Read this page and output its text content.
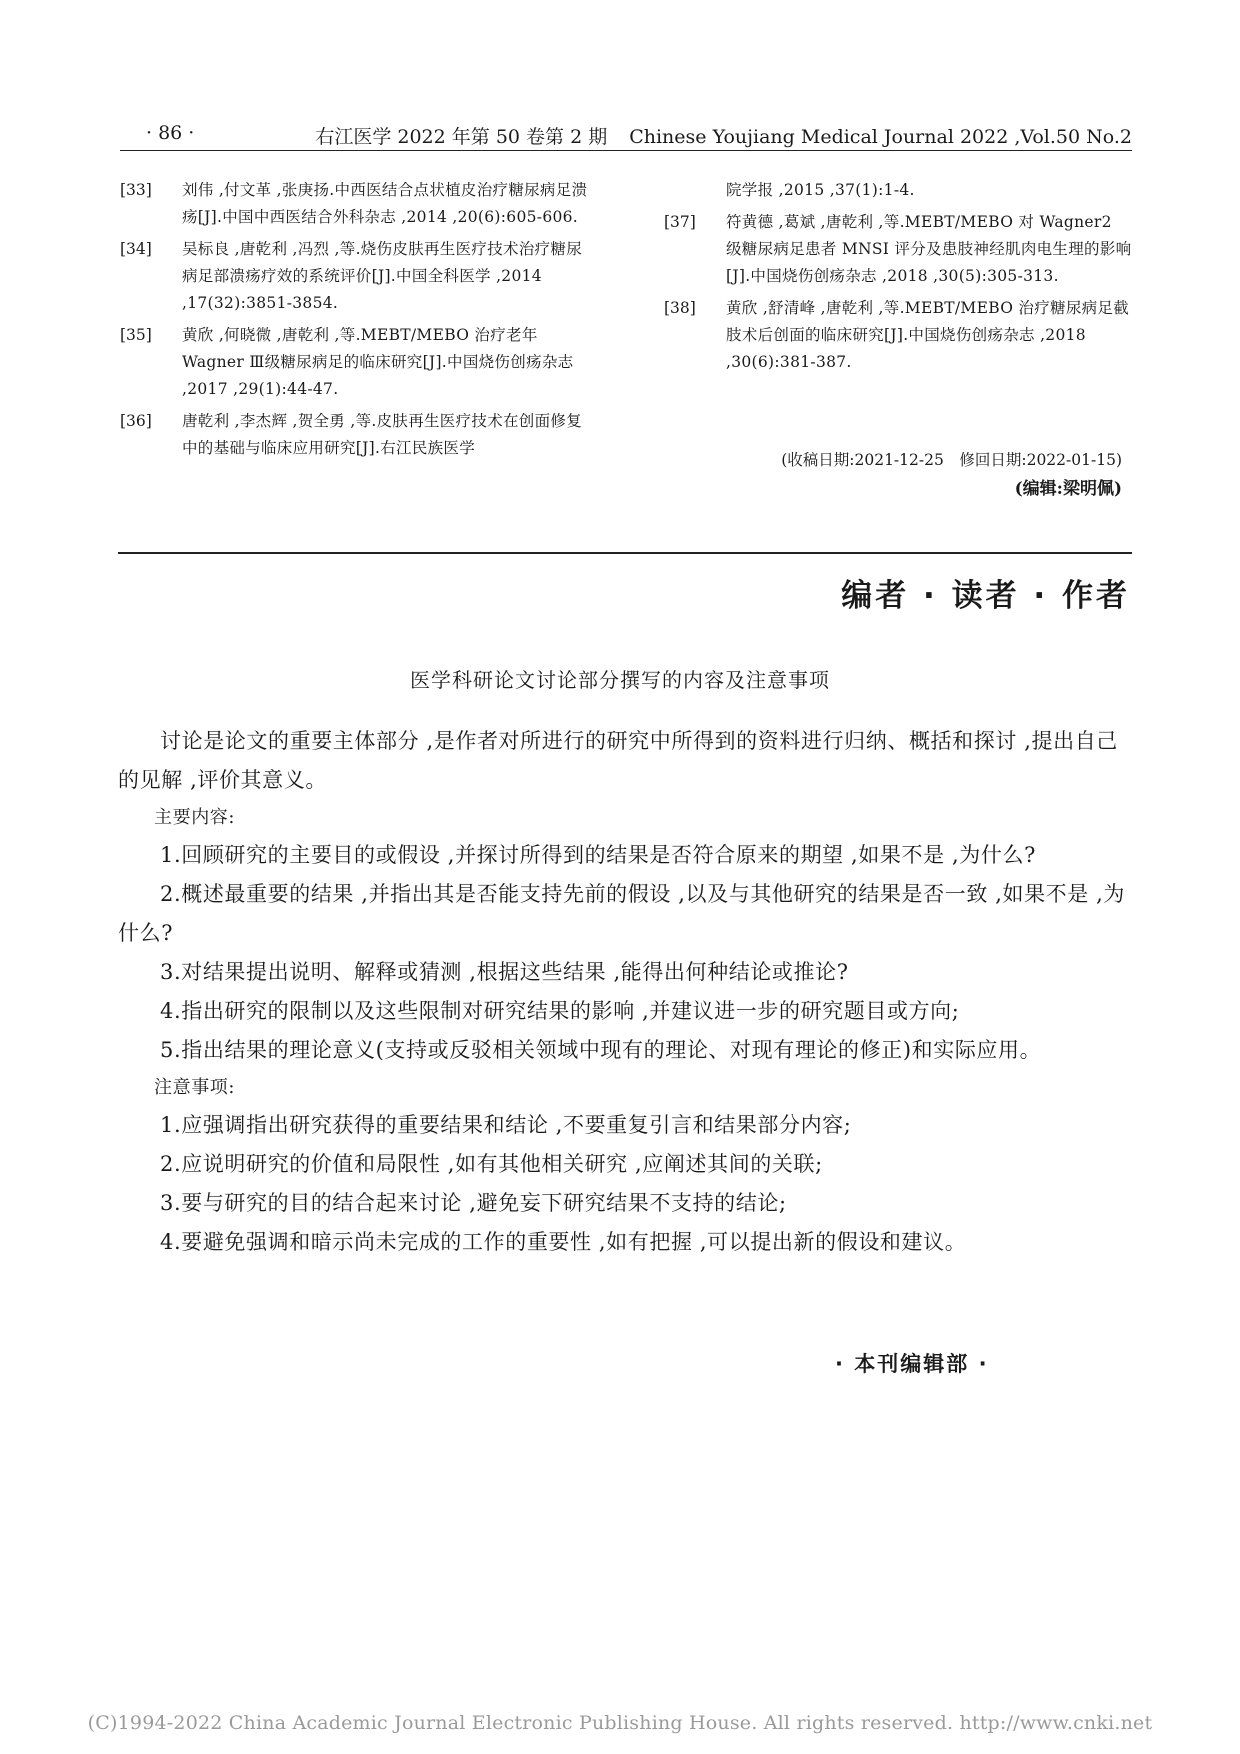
· 86 ·	右江医学 2022 年第 50 卷第 2 期 Chinese Youjiang Medical Journal 2022 ,Vol.50 No.2
[33]	刘伟 ,付文革 ,张庚扬.中西医结合点状植皮治疗糖尿病足溃疡[J].中国中西医结合外科杂志 ,2014 ,20(6):605-606.
[34]	吴标良 ,唐乾利 ,冯烈 ,等.烧伤皮肤再生医疗技术治疗糖尿病足部溃疡疗效的系统评价[J].中国全科医学 ,2014 ,17(32):3851-3854.
[35]	黄欣 ,何晓微 ,唐乾利 ,等.MEBT/MEBO 治疗老年 Wagner Ⅲ级糖尿病足的临床研究[J].中国烧伤创疡杂志 ,2017 ,29(1):44-47.
[36]	唐乾利 ,李杰辉 ,贺全勇 ,等.皮肤再生医疗技术在创面修复中的基础与临床应用研究[J].右江民族医学
院学报 ,2015 ,37(1):1-4.
[37]	符黄德 ,葛斌 ,唐乾利 ,等.MEBT/MEBO 对 Wagner2 级糖尿病足患者 MNSI 评分及患肢神经肌肉电生理的影响[J].中国烧伤创疡杂志 ,2018 ,30(5):305-313.
[38]	黄欣 ,舒清峰 ,唐乾利 ,等.MEBT/MEBO 治疗糖尿病足截肢术后创面的临床研究[J].中国烧伤创疡杂志 ,2018 ,30(6):381-387.
(收稿日期:2021-12-25　修回日期:2022-01-15)
(编辑:梁明佩)
编者 · 读者 · 作者
医学科研论文讨论部分撰写的内容及注意事项

讨论是论文的重要主体部分 ,是作者对所进行的研究中所得到的资料进行归纳、概括和探讨 ,提出自己的见解 ,评价其意义。

主要内容:

1.回顾研究的主要目的或假设 ,并探讨所得到的结果是否符合原来的期望 ,如果不是 ,为什么?

2.概述最重要的结果 ,并指出其是否能支持先前的假设 ,以及与其他研究的结果是否一致 ,如果不是 ,为什么?

3.对结果提出说明、解释或猜测 ,根据这些结果 ,能得出何种结论或推论?

4.指出研究的限制以及这些限制对研究结果的影响 ,并建议进一步的研究题目或方向;

5.指出结果的理论意义(支持或反驳相关领域中现有的理论、对现有理论的修正)和实际应用。

注意事项:

1.应强调指出研究获得的重要结果和结论 ,不要重复引言和结果部分内容;

2.应说明研究的价值和局限性 ,如有其他相关研究 ,应阐述其间的关联;

3.要与研究的目的结合起来讨论 ,避免妄下研究结果不支持的结论;

4.要避免强调和暗示尚未完成的工作的重要性 ,如有把握 ,可以提出新的假设和建议。

· 本刊编辑部 ·
(C)1994-2022 China Academic Journal Electronic Publishing House. All rights reserved. http://www.cnki.net
